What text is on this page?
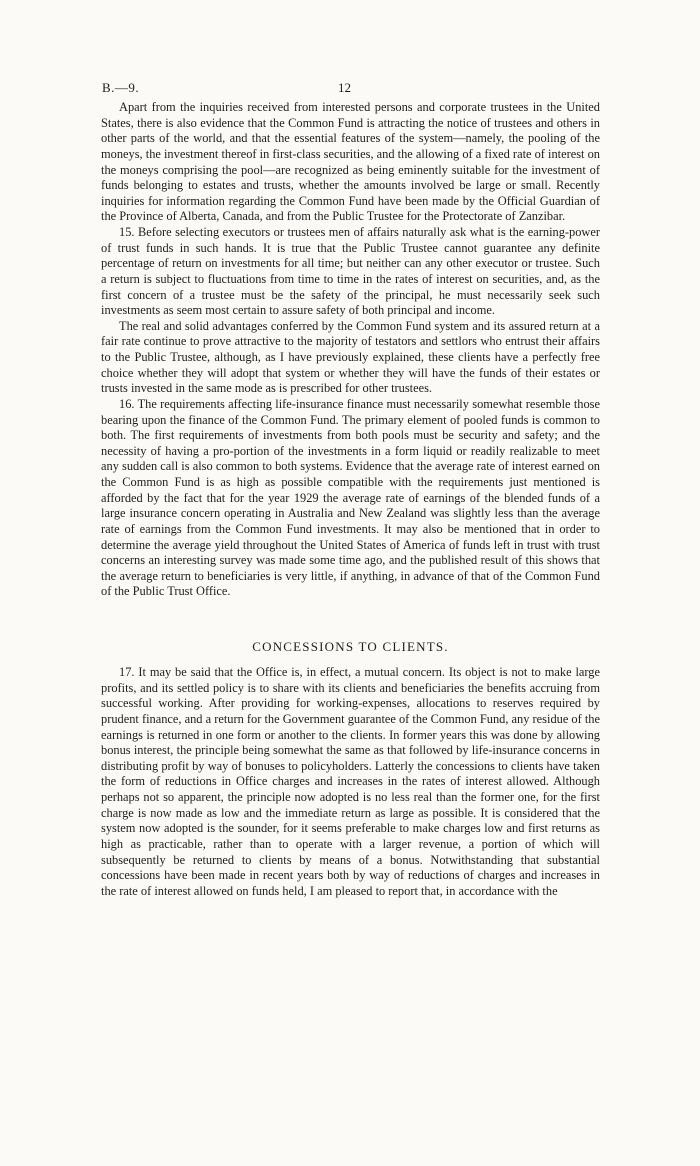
B.—9.	12

Apart from the inquiries received from interested persons and corporate trustees in the United States, there is also evidence that the Common Fund is attracting the notice of trustees and others in other parts of the world, and that the essential features of the system—namely, the pooling of the moneys, the investment thereof in first-class securities, and the allowing of a fixed rate of interest on the moneys comprising the pool—are recognized as being eminently suitable for the investment of funds belonging to estates and trusts, whether the amounts involved be large or small. Recently inquiries for information regarding the Common Fund have been made by the Official Guardian of the Province of Alberta, Canada, and from the Public Trustee for the Protectorate of Zanzibar.

15. Before selecting executors or trustees men of affairs naturally ask what is the earning-power of trust funds in such hands. It is true that the Public Trustee cannot guarantee any definite percentage of return on investments for all time; but neither can any other executor or trustee. Such a return is subject to fluctuations from time to time in the rates of interest on securities, and, as the first concern of a trustee must be the safety of the principal, he must necessarily seek such investments as seem most certain to assure safety of both principal and income.

The real and solid advantages conferred by the Common Fund system and its assured return at a fair rate continue to prove attractive to the majority of testators and settlors who entrust their affairs to the Public Trustee, although, as I have previously explained, these clients have a perfectly free choice whether they will adopt that system or whether they will have the funds of their estates or trusts invested in the same mode as is prescribed for other trustees.

16. The requirements affecting life-insurance finance must necessarily somewhat resemble those bearing upon the finance of the Common Fund. The primary element of pooled funds is common to both. The first requirements of investments from both pools must be security and safety; and the necessity of having a pro-portion of the investments in a form liquid or readily realizable to meet any sudden call is also common to both systems. Evidence that the average rate of interest earned on the Common Fund is as high as possible compatible with the requirements just mentioned is afforded by the fact that for the year 1929 the average rate of earnings of the blended funds of a large insurance concern operating in Australia and New Zealand was slightly less than the average rate of earnings from the Common Fund investments. It may also be mentioned that in order to determine the average yield throughout the United States of America of funds left in trust with trust concerns an interesting survey was made some time ago, and the published result of this shows that the average return to beneficiaries is very little, if anything, in advance of that of the Common Fund of the Public Trust Office.

CONCESSIONS TO CLIENTS.

17. It may be said that the Office is, in effect, a mutual concern. Its object is not to make large profits, and its settled policy is to share with its clients and beneficiaries the benefits accruing from successful working. After providing for working-expenses, allocations to reserves required by prudent finance, and a return for the Government guarantee of the Common Fund, any residue of the earnings is returned in one form or another to the clients. In former years this was done by allowing bonus interest, the principle being somewhat the same as that followed by life-insurance concerns in distributing profit by way of bonuses to policyholders. Latterly the concessions to clients have taken the form of reductions in Office charges and increases in the rates of interest allowed. Although perhaps not so apparent, the principle now adopted is no less real than the former one, for the first charge is now made as low and the immediate return as large as possible. It is considered that the system now adopted is the sounder, for it seems preferable to make charges low and first returns as high as practicable, rather than to operate with a larger revenue, a portion of which will subsequently be returned to clients by means of a bonus. Notwithstanding that substantial concessions have been made in recent years both by way of reductions of charges and increases in the rate of interest allowed on funds held, I am pleased to report that, in accordance with the
